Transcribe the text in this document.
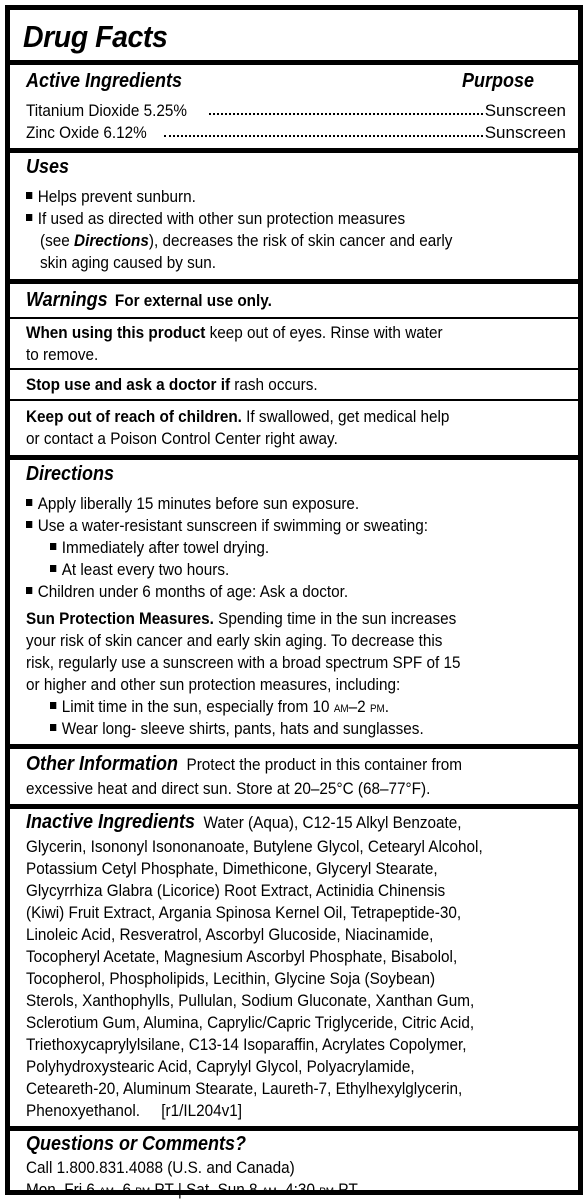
Drug Facts
Active Ingredients	Purpose
Titanium Dioxide 5.25%	Sunscreen
Zinc Oxide 6.12%	Sunscreen
Uses
Helps prevent sunburn.
If used as directed with other sun protection measures
(see Directions), decreases the risk of skin cancer and early
skin aging caused by sun.
Warnings For external use only.
When using this product keep out of eyes. Rinse with water
to remove.
Stop use and ask a doctor if rash occurs.
Keep out of reach of children. If swallowed, get medical help
or contact a Poison Control Center right away.
Directions
Apply liberally 15 minutes before sun exposure.
Use a water-resistant sunscreen if swimming or sweating:
Immediately after towel drying.
At least every two hours.
Children under 6 months of age: Ask a doctor.
Sun Protection Measures. Spending time in the sun increases
your risk of skin cancer and early skin aging. To decrease this
risk, regularly use a sunscreen with a broad spectrum SPF of 15
or higher and other sun protection measures, including:
Limit time in the sun, especially from 10 AM–2 PM.
Wear long- sleeve shirts, pants, hats and sunglasses.
Other Information  Protect the product in this container from
excessive heat and direct sun. Store at 20–25°C (68–77°F).
Inactive Ingredients  Water (Aqua), C12-15 Alkyl Benzoate,
Glycerin, Isononyl Isononanoate, Butylene Glycol, Cetearyl Alcohol,
Potassium Cetyl Phosphate, Dimethicone, Glyceryl Stearate,
Glycyrrhiza Glabra (Licorice) Root Extract, Actinidia Chinensis
(Kiwi) Fruit Extract, Argania Spinosa Kernel Oil, Tetrapeptide-30,
Linoleic Acid, Resveratrol, Ascorbyl Glucoside, Niacinamide,
Tocopheryl Acetate, Magnesium Ascorbyl Phosphate, Bisabolol,
Tocopherol, Phospholipids, Lecithin, Glycine Soja (Soybean)
Sterols, Xanthophylls, Pullulan, Sodium Gluconate, Xanthan Gum,
Sclerotium Gum, Alumina, Caprylic/Capric Triglyceride, Citric Acid,
Triethoxycaprylylsilane, C13-14 Isoparaffin, Acrylates Copolymer,
Polyhydroxystearic Acid, Caprylyl Glycol, Polyacrylamide,
Ceteareth-20, Aluminum Stearate, Laureth-7, Ethylhexylglycerin,
Phenoxyethanol.     [r1/IL204v1]
Questions or Comments?
Call 1.800.831.4088 (U.S. and Canada)
Mon–Fri 6 AM–6 PM PT | Sat–Sun 8 AM–4:30 PM PT
